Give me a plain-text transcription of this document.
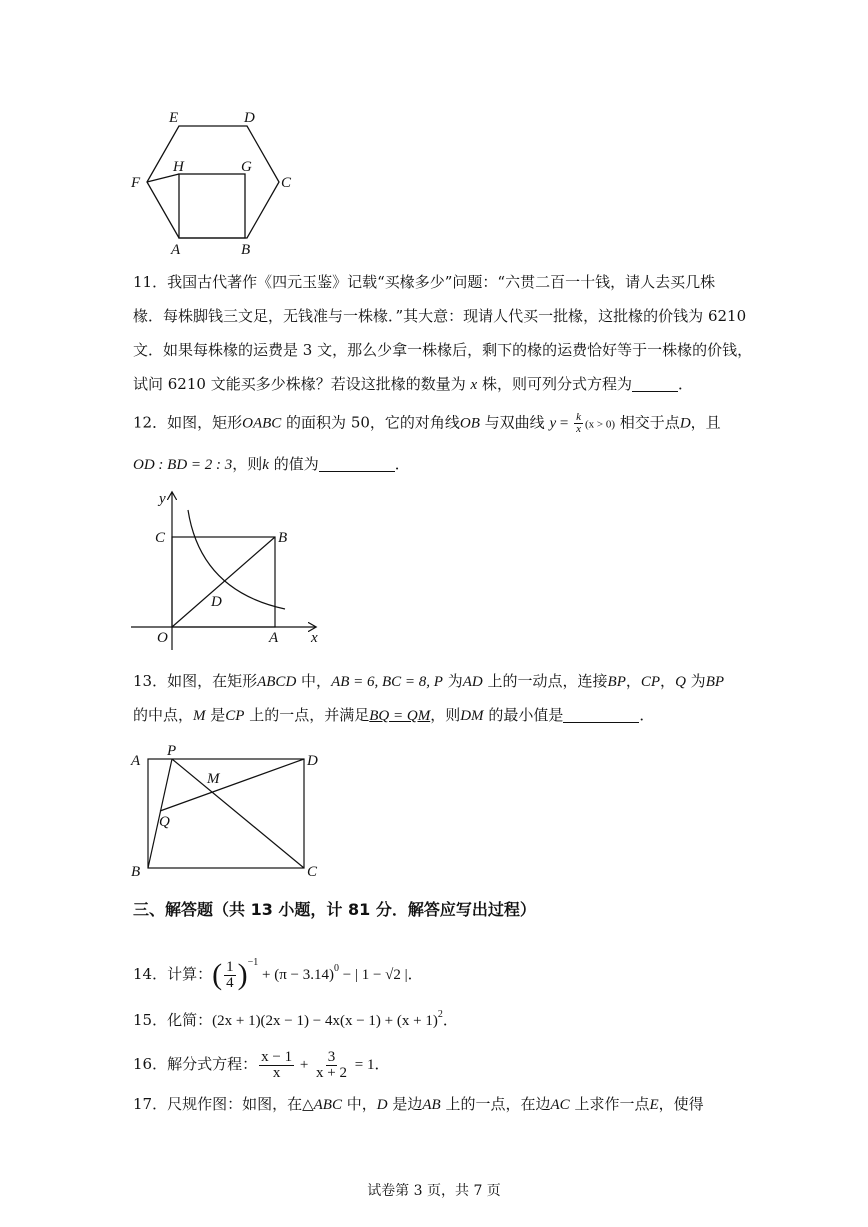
E	D
F
H	G
C
A	B
11．我国古代著作《四元玉鉴》记载“买椽多少”问题：“六贯二百一十钱，请人去买几株
椽．每株脚钱三文足，无钱准与一株椽．”其大意：现请人代买一批椽，这批椽的价钱为 6210
文．如果每株椽的运费是 3 文，那么少拿一株椽后，剩下的椽的运费恰好等于一株椽的价钱，
试问 6210 文能买多少株椽？若设这批椽的数量为 x 株，则可列分式方程为	．
12．如图，矩形OABC 的面积为 50，它的对角线OB 与双曲线 $y = \frac{k}{x} (x > 0)$ 相交于点D，且
OD : BD = 2 : 3，则k 的值为	．
y
C	B
D
O	A x
13．如图，在矩形ABCD 中，AB = 6, BC = 8, P 为AD 上的一动点，连接BP，CP，Q 为BP
的中点，M 是CP 上的一点，并满足BQ = QM，则DM 的最小值是	．
A
P
D
M
Q
B	C
三、解答题（共 13 小题，计 81 分．解答应写出过程）
14．计算：( $\frac{1}{4} )^{-1} + (\pi - 3.14)^0$ − | 1 − √2 |．
15．化简：$(2x + 1)(2x - 1) - 4x(x - 1) + (x + 1)^2$．
16．解分式方程： $\frac{x - 1}{x} + \frac{3}{x + 2} = 1$．
17．尺规作图：如图，在△ABC 中，D 是边AB 上的一点，在边AC 上求作一点E，使得
试卷第 3 页，共 7 页
